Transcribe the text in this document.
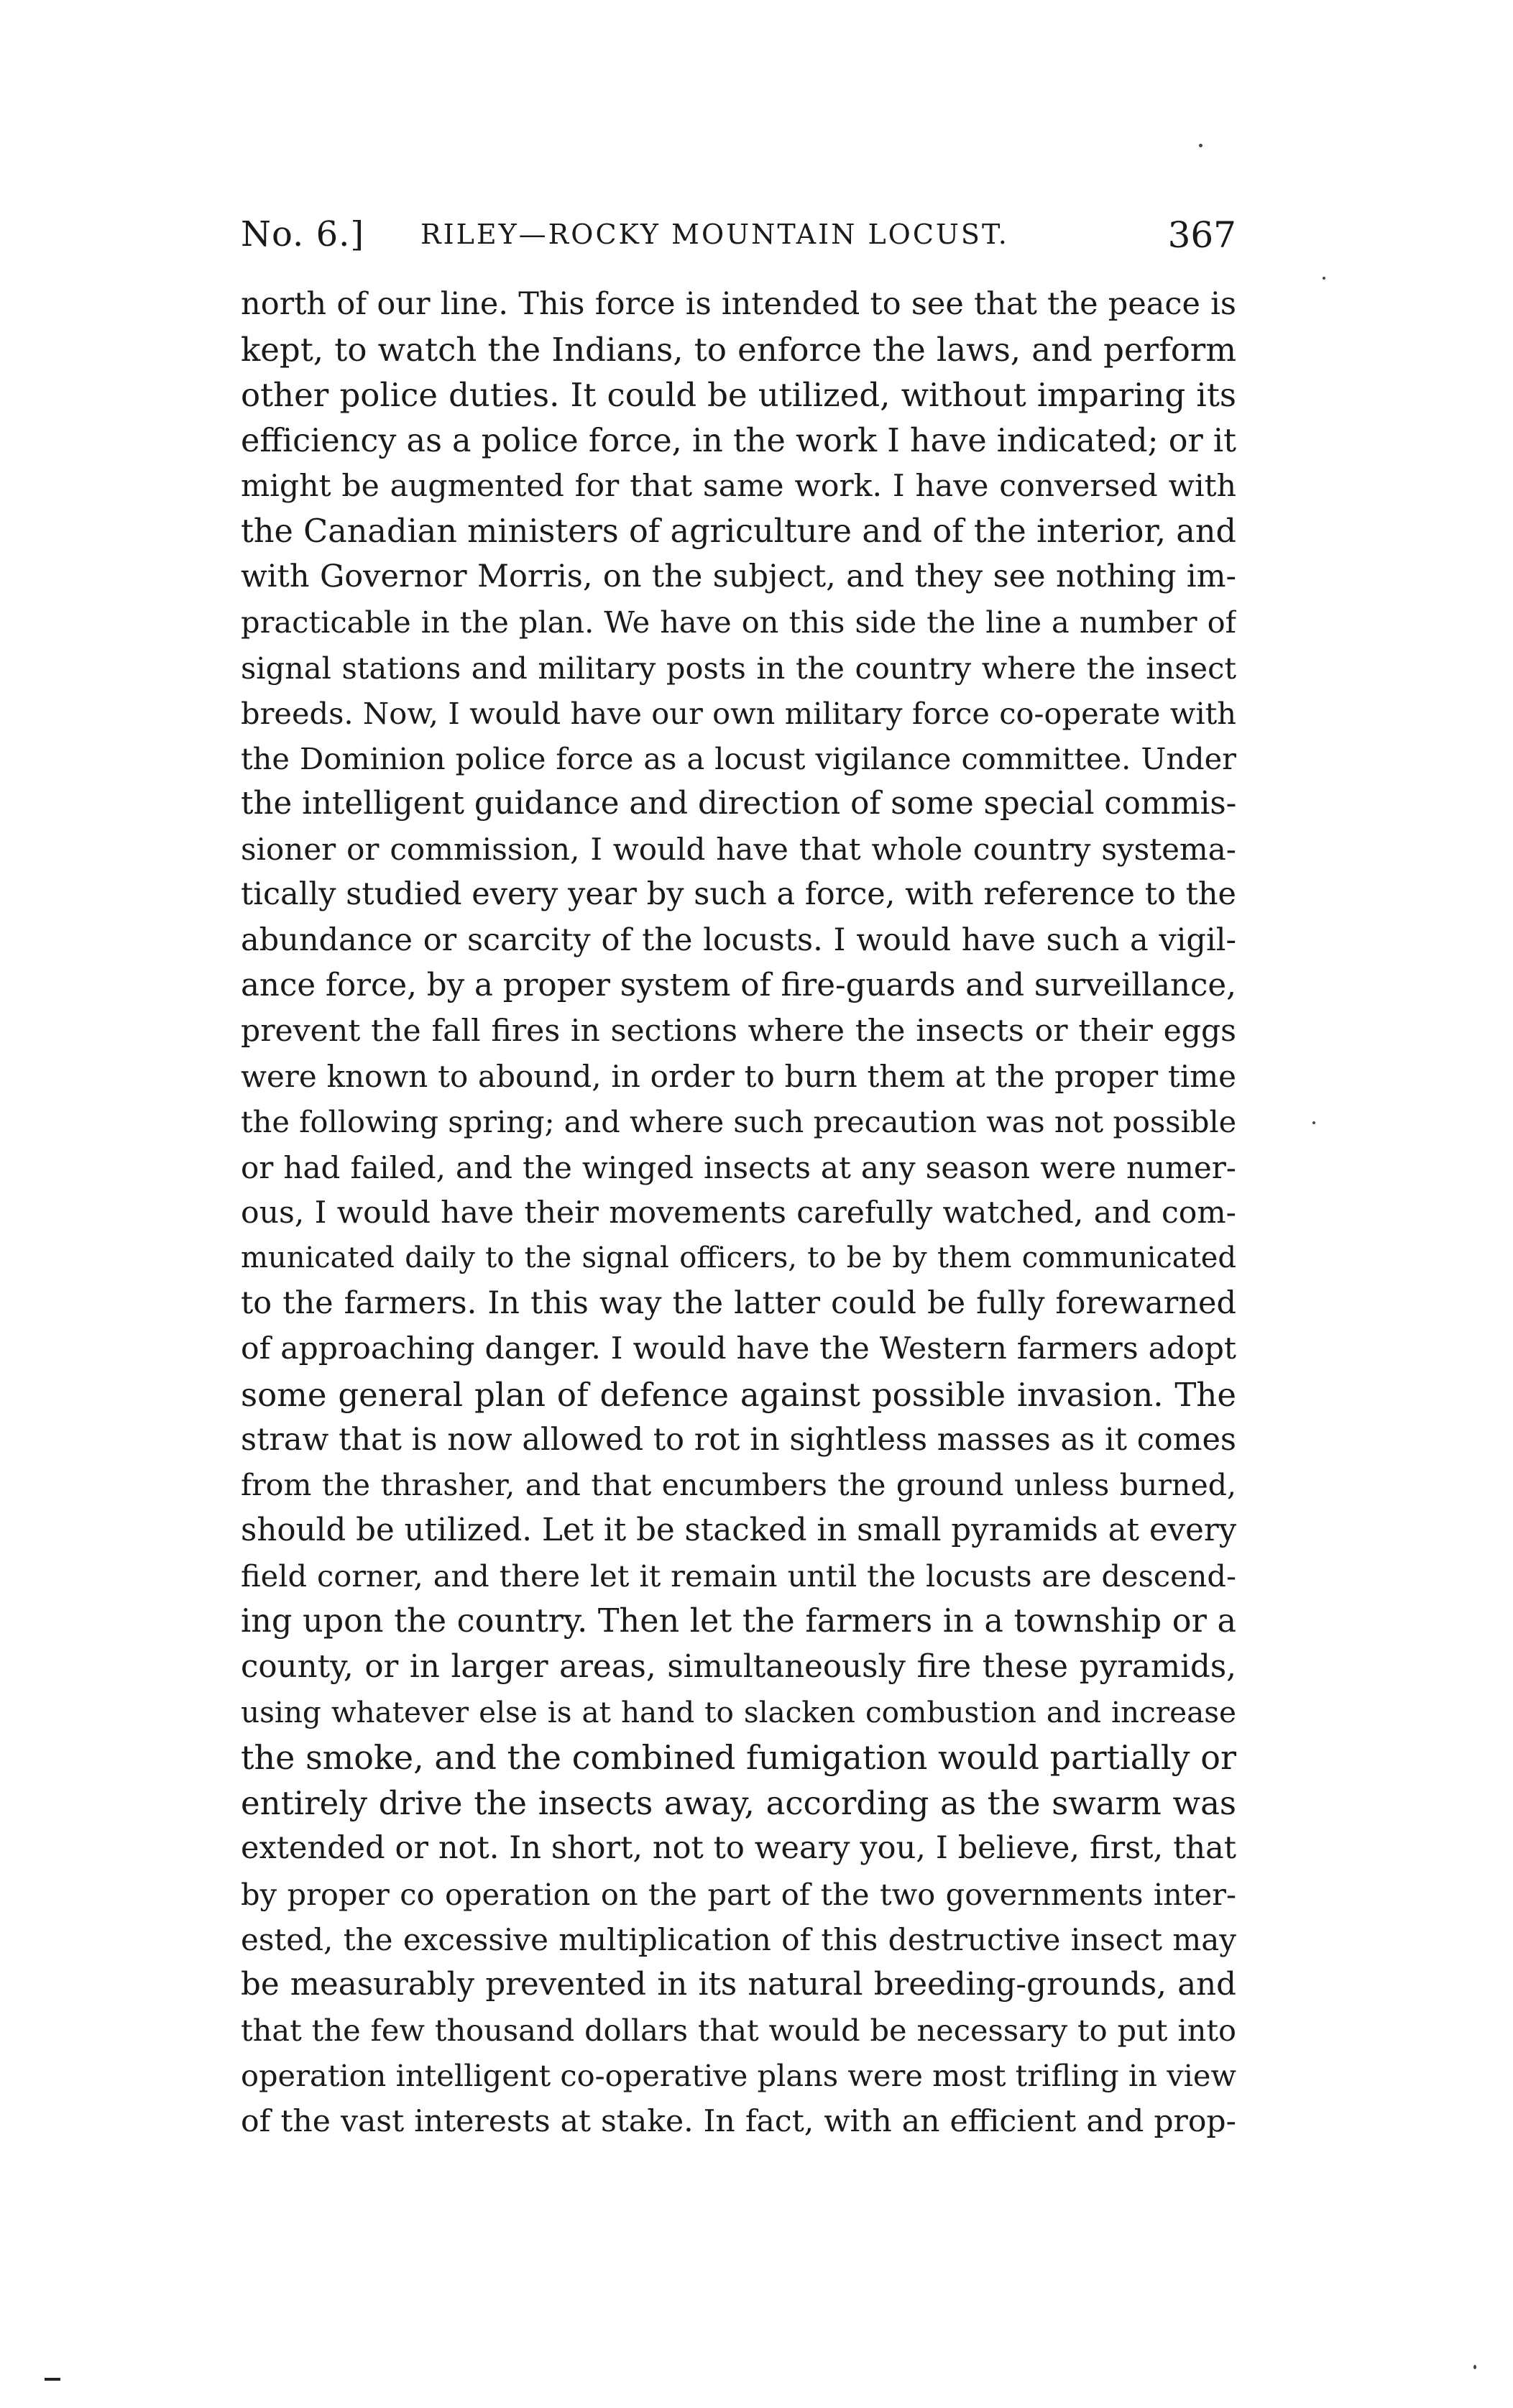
No. 6.] RILEY—ROCKY MOUNTAIN LOCUST.	367
north of our line. This force is intended to see that the peace is
kept, to watch the Indians, to enforce the laws, and perform
other police duties. It could be utilized, without imparing its
efficiency as a police force, in the work I have indicated; or it
might be augmented for that same work. I have conversed with
the Canadian ministers of agriculture and of the interior, and
with Governor Morris, on the subject, and they see nothing im-
practicable in the plan. We have on this side the line a number of
signal stations and military posts in the country where the insect
breeds. Now, I would have our own military force co-operate with
the Dominion police force as a locust vigilance committee. Under
the intelligent guidance and direction of some special commis-
sioner or commission, I would have that whole country systema-
tically studied every year by such a force, with reference to the
abundance or scarcity of the locusts. I would have such a vigil-
ance force, by a proper system of fire-guards and surveillance,
prevent the fall fires in sections where the insects or their eggs
were known to abound, in order to burn them at the proper time
the following spring; and where such precaution was not possible
or had failed, and the winged insects at any season were numer-
ous, I would have their movements carefully watched, and com-
municated daily to the signal officers, to be by them communicated
to the farmers. In this way the latter could be fully forewarned
of approaching danger. I would have the Western farmers adopt
some general plan of defence against possible invasion. The
straw that is now allowed to rot in sightless masses as it comes
from the thrasher, and that encumbers the ground unless burned,
should be utilized. Let it be stacked in small pyramids at every
field corner, and there let it remain until the locusts are descend-
ing upon the country. Then let the farmers in a township or a
county, or in larger areas, simultaneously fire these pyramids,
using whatever else is at hand to slacken combustion and increase
the smoke, and the combined fumigation would partially or
entirely drive the insects away, according as the swarm was
extended or not. In short, not to weary you, I believe, first, that
by proper co operation on the part of the two governments inter-
ested, the excessive multiplication of this destructive insect may
be measurably prevented in its natural breeding-grounds, and
that the few thousand dollars that would be necessary to put into
operation intelligent co-operative plans were most trifling in view
of the vast interests at stake. In fact, with an efficient and prop-
